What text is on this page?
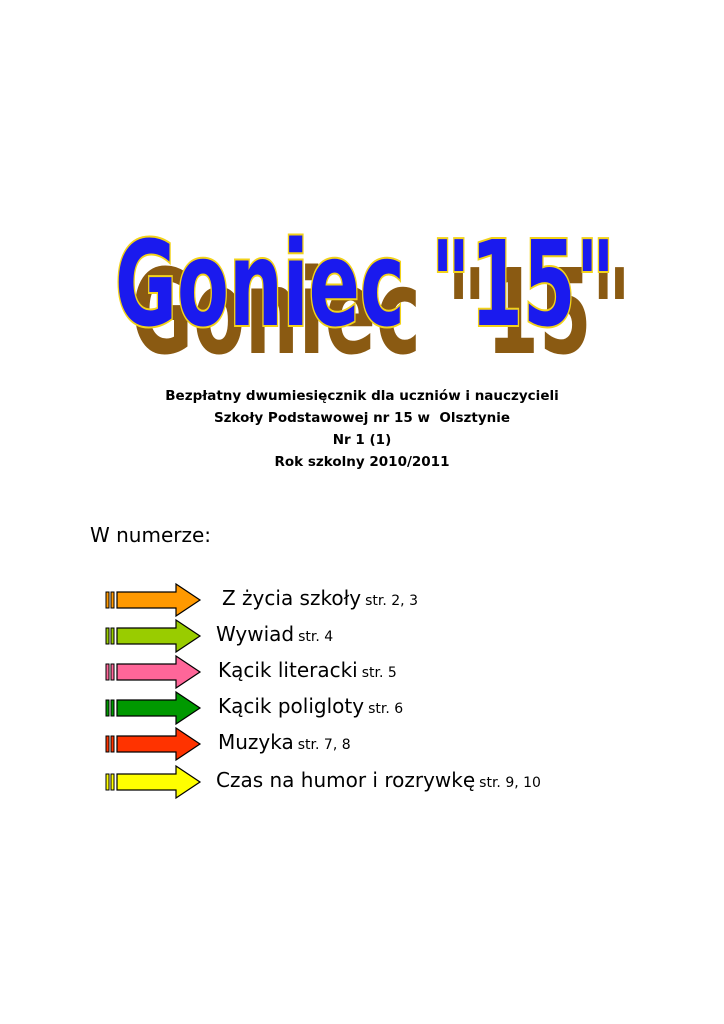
Goniec "15"
Goniec "15"
Bezpłatny dwumiesięcznik dla uczniów i nauczycieli
Szkoły Podstawowej nr 15 w  Olsztynie
Nr 1 (1)
Rok szkolny 2010/2011
W numerze:
Z życia szkoły str. 2, 3
Wywiad str. 4
Kącik literacki str. 5
Kącik poligloty str. 6
Muzyka str. 7, 8
Czas na humor i rozrywkę str. 9, 10
